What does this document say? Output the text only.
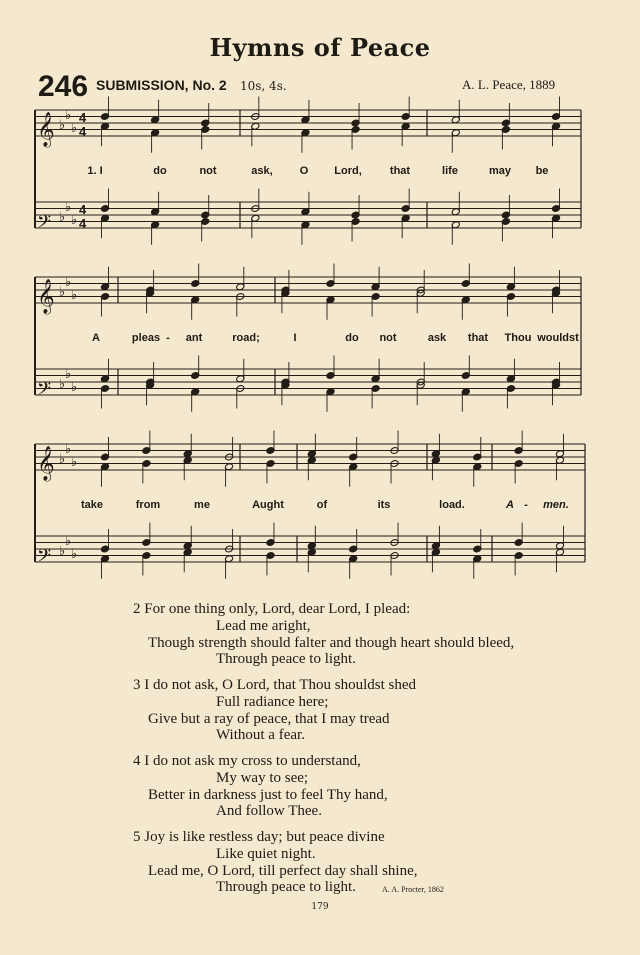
Hymns of Peace
246 SUBMISSION, No. 2 10s, 4s.	A. L. Peace, 1889
𝄞 ♭
♭
♭
4
4
𝄢 ♭
♭
♭
4
4
𝄞 ♭
♭
♭
𝄢 ♭
♭
♭
𝄞 ♭
♭
♭
𝄢 ♭
♭
♭
1. I	do	not	ask, O Lord,	that	life	may be
A	pleas - ant	road;	I	do not	ask that Thou wouldst
take	from	me	Aught	of	its	load.	A - men.
2 For one thing only, Lord, dear Lord, I plead:
Lead me aright,
Though strength should falter and though heart should bleed,
Through peace to light.
3 I do not ask, O Lord, that Thou shouldst shed
Full radiance here;
Give but a ray of peace, that I may tread
Without a fear.
4 I do not ask my cross to understand,
My way to see;
Better in darkness just to feel Thy hand,
And follow Thee.
5 Joy is like restless day; but peace divine
Like quiet night.
Lead me, O Lord, till perfect day shall shine,
Through peace to light.	A. A. Procter, 1862
179
